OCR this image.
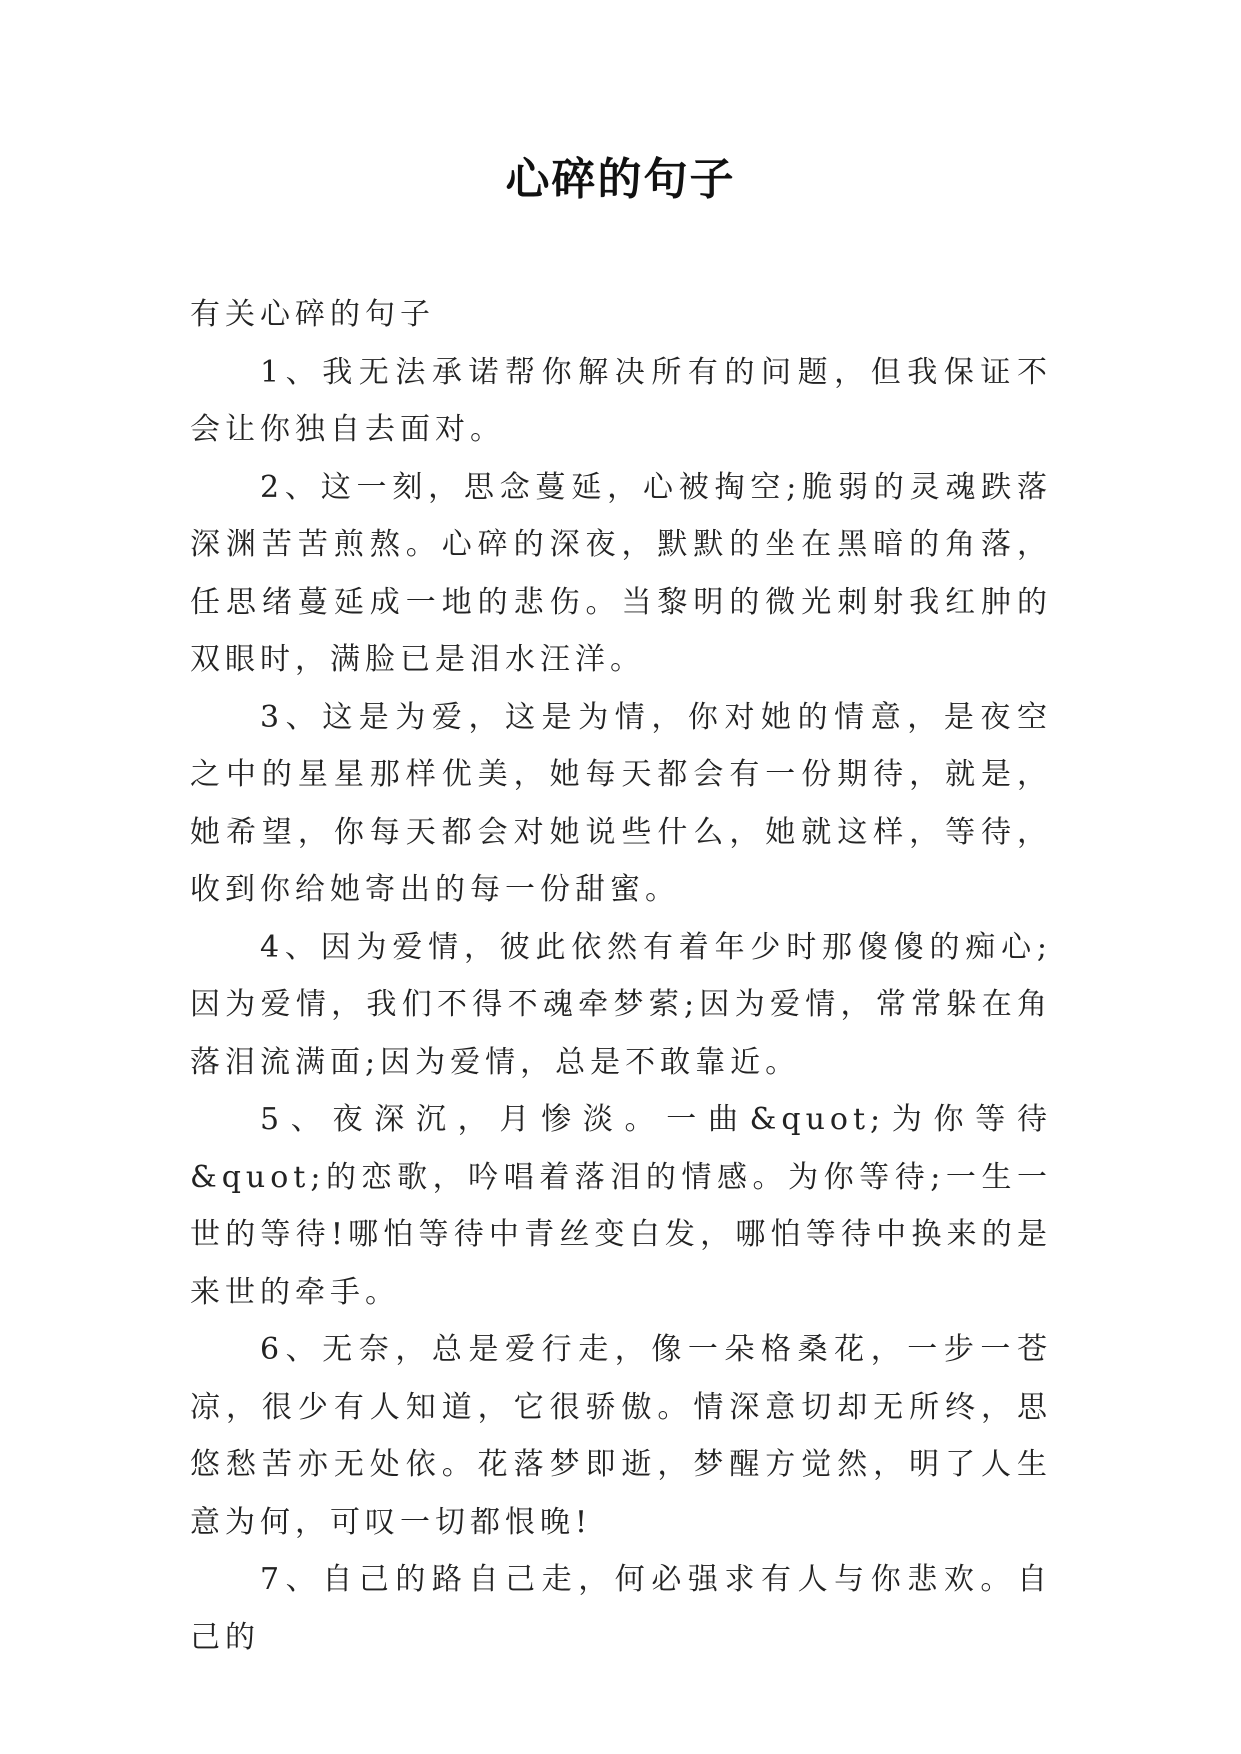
心碎的句子

有关心碎的句子

1、我无法承诺帮你解决所有的问题，但我保证不会让你独自去面对。

2、这一刻，思念蔓延，心被掏空;脆弱的灵魂跌落深渊苦苦煎熬。心碎的深夜，默默的坐在黑暗的角落，任思绪蔓延成一地的悲伤。当黎明的微光刺射我红肿的双眼时，满脸已是泪水汪洋。

3、这是为爱，这是为情，你对她的情意，是夜空之中的星星那样优美，她每天都会有一份期待，就是，她希望，你每天都会对她说些什么，她就这样，等待，收到你给她寄出的每一份甜蜜。

4、因为爱情，彼此依然有着年少时那傻傻的痴心;因为爱情，我们不得不魂牵梦萦;因为爱情，常常躲在角落泪流满面;因为爱情，总是不敢靠近。

5、夜深沉，月惨淡。一曲&quot;为你等待&quot;的恋歌，吟唱着落泪的情感。为你等待;一生一世的等待!哪怕等待中青丝变白发，哪怕等待中换来的是来世的牵手。

6、无奈，总是爱行走，像一朵格桑花，一步一苍凉，很少有人知道，它很骄傲。情深意切却无所终，思悠愁苦亦无处依。花落梦即逝，梦醒方觉然，明了人生意为何，可叹一切都恨晚!

7、自己的路自己走，何必强求有人与你悲欢。自己的
